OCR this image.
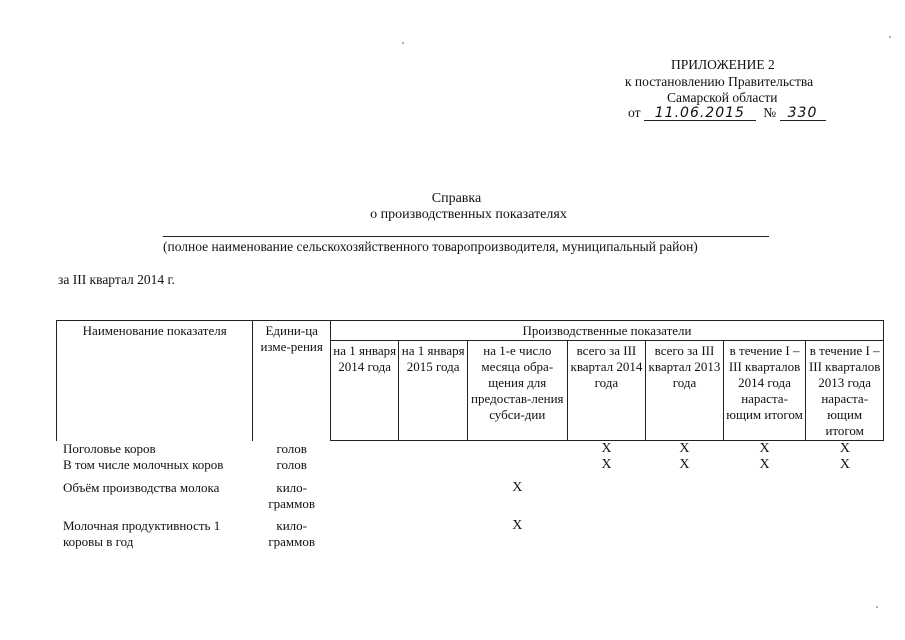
ПРИЛОЖЕНИЕ 2
к постановлению Правительства
Самарской области
от 11.06.2015 № 330
Справка
о производственных показателях
(полное наименование сельскохозяйственного товаропроизводителя, муниципальный район)
за III квартал 2014 г.
Наименование показателя	Едини-ца изме-рения	Производственные показатели						
		на 1 января 2014 года	на 1 января 2015 года	на 1-е число месяца обра-щения для предостав-ления субси-дии	всего за III квартал 2014 года	всего за III квартал 2013 года	в течение I – III кварталов 2014 года нараста-ющим итогом	в течение I – III кварталов 2013 года нараста-ющим итогом
Поголовье коров	голов				Х	Х	Х	Х
В том числе молочных коров	голов				Х	Х	Х	Х
Объём производства молока	кило-граммов			Х				
Молочная продуктивность 1 коровы в год	кило-граммов			Х				
